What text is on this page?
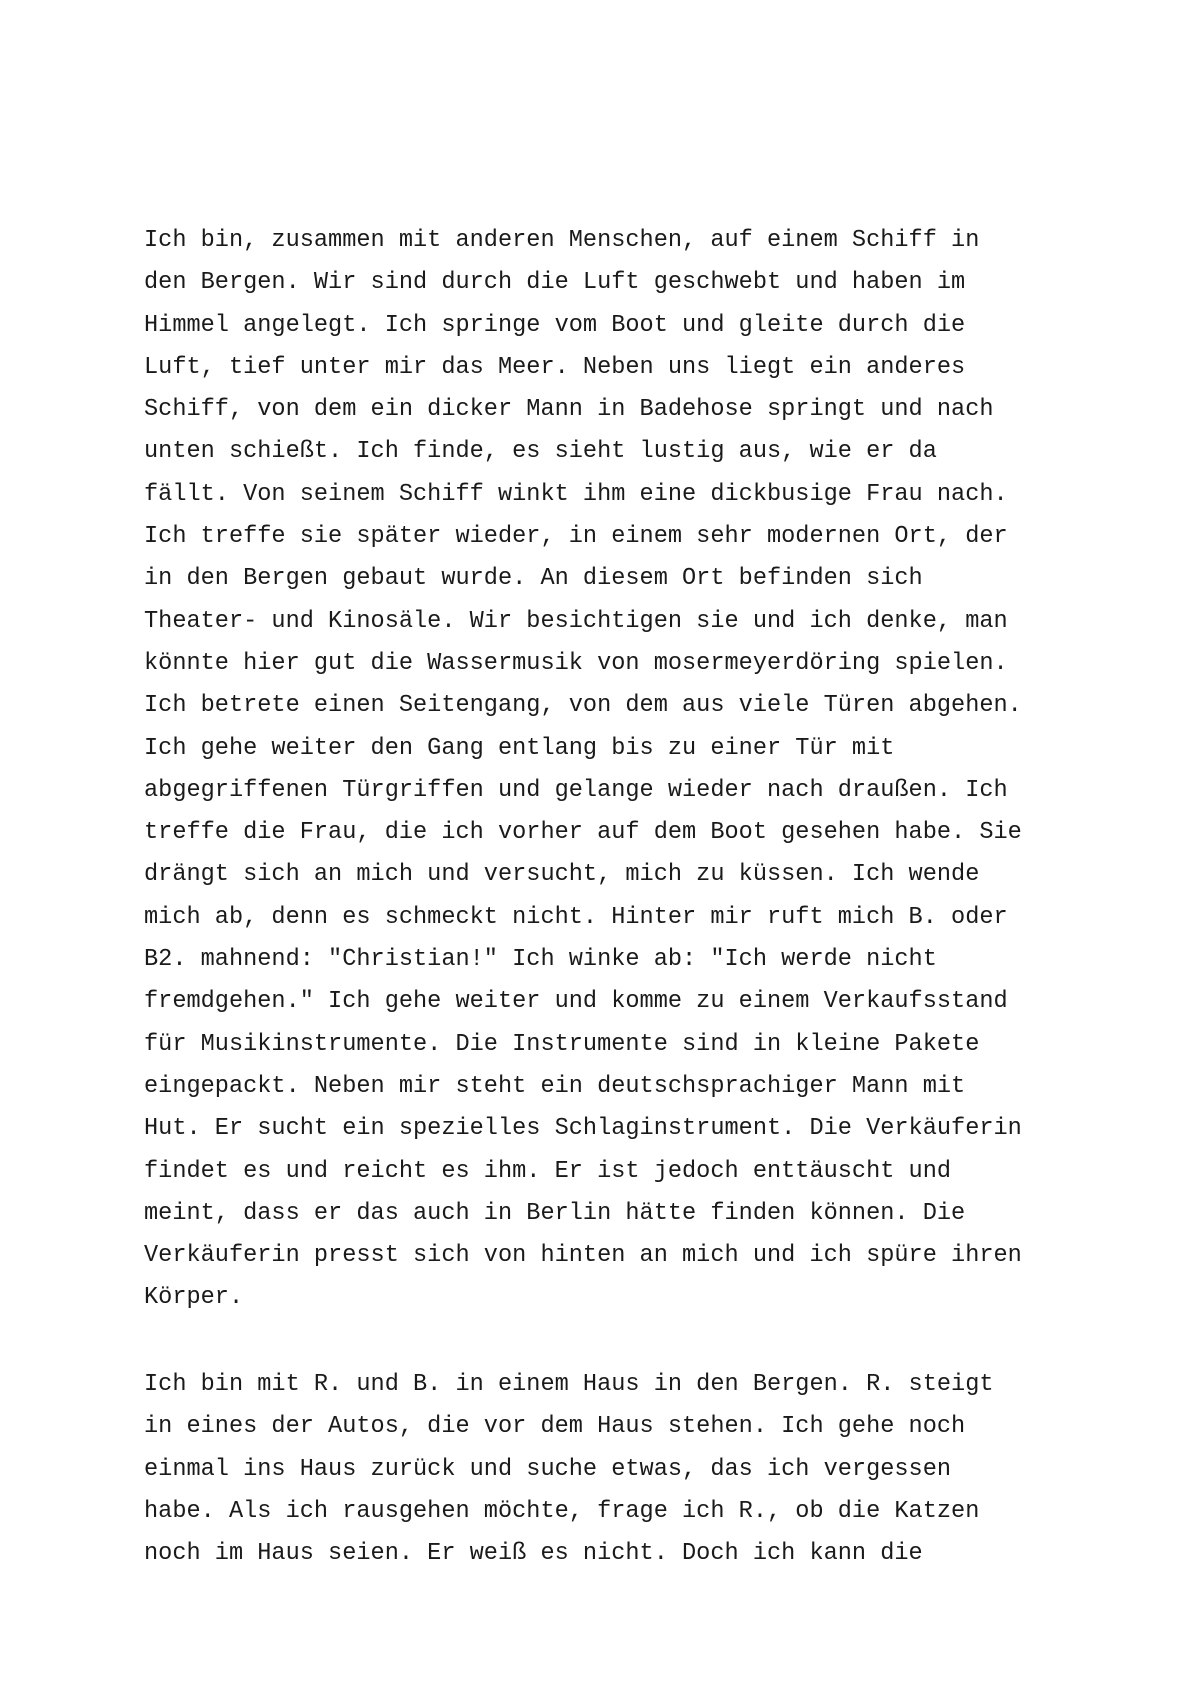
Ich bin, zusammen mit anderen Menschen, auf einem Schiff in
den Bergen. Wir sind durch die Luft geschwebt und haben im
Himmel angelegt. Ich springe vom Boot und gleite durch die
Luft, tief unter mir das Meer. Neben uns liegt ein anderes
Schiff, von dem ein dicker Mann in Badehose springt und nach
unten schießt. Ich finde, es sieht lustig aus, wie er da
fällt. Von seinem Schiff winkt ihm eine dickbusige Frau nach.
Ich treffe sie später wieder, in einem sehr modernen Ort, der
in den Bergen gebaut wurde. An diesem Ort befinden sich
Theater- und Kinosäle. Wir besichtigen sie und ich denke, man
könnte hier gut die Wassermusik von mosermeyerdöring spielen.
Ich betrete einen Seitengang, von dem aus viele Türen abgehen.
Ich gehe weiter den Gang entlang bis zu einer Tür mit
abgegriffenen Türgriffen und gelange wieder nach draußen. Ich
treffe die Frau, die ich vorher auf dem Boot gesehen habe. Sie
drängt sich an mich und versucht, mich zu küssen. Ich wende
mich ab, denn es schmeckt nicht. Hinter mir ruft mich B. oder
B2. mahnend: "Christian!" Ich winke ab: "Ich werde nicht
fremdgehen." Ich gehe weiter und komme zu einem Verkaufsstand
für Musikinstrumente. Die Instrumente sind in kleine Pakete
eingepackt. Neben mir steht ein deutschsprachiger Mann mit
Hut. Er sucht ein spezielles Schlaginstrument. Die Verkäuferin
findet es und reicht es ihm. Er ist jedoch enttäuscht und
meint, dass er das auch in Berlin hätte finden können. Die
Verkäuferin presst sich von hinten an mich und ich spüre ihren
Körper.
Ich bin mit R. und B. in einem Haus in den Bergen. R. steigt
in eines der Autos, die vor dem Haus stehen. Ich gehe noch
einmal ins Haus zurück und suche etwas, das ich vergessen
habe. Als ich rausgehen möchte, frage ich R., ob die Katzen
noch im Haus seien. Er weiß es nicht. Doch ich kann die
